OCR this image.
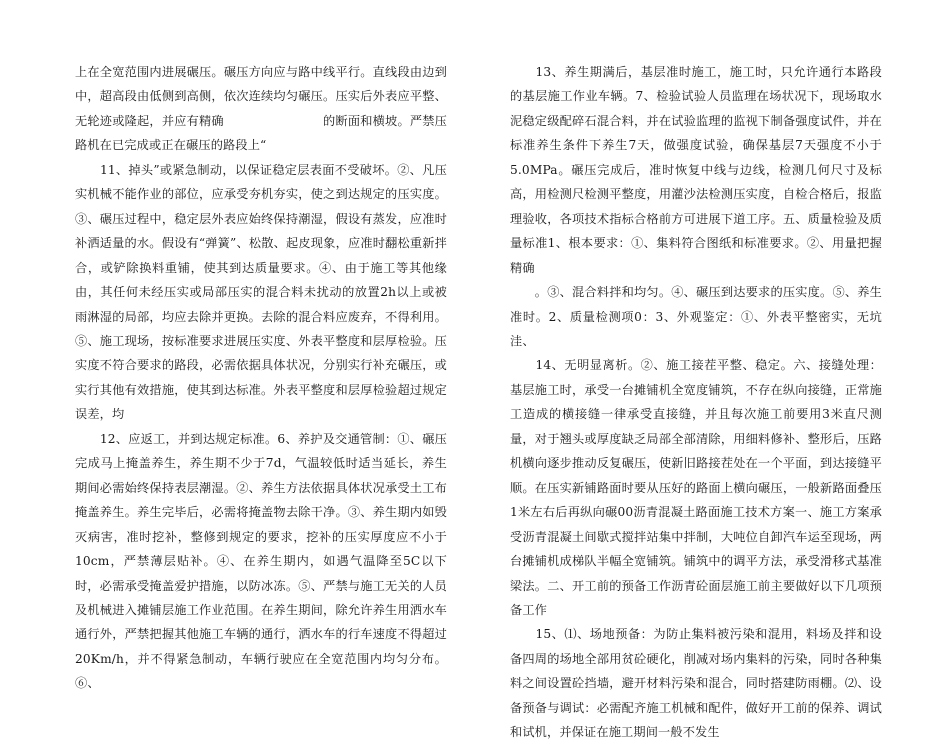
上在全宽范围内进展碾压。碾压方向应与路中线平行。直线段由边到中，超高段由低侧到高侧，依次连续均匀碾压。压实后外表应平整、无轮迹或隆起，并应有精确　　　　　　　　的断面和横坡。严禁压路机在已完成或正在碾压的路段上“

　　11、掉头”或紧急制动，以保证稳定层表面不受破坏。②、凡压实机械不能作业的部位，应承受夯机夯实，使之到达规定的压实度。③、碾压过程中，稳定层外表应始终保持潮湿，假设有蒸发，应准时补洒适量的水。假设有“弹簧”、松散、起皮现象，应准时翻松重新拌合，或铲除换料重铺，使其到达质量要求。④、由于施工等其他缘由，其任何未经压实或局部压实的混合料未扰动的放置2h以上或被雨淋湿的局部，均应去除并更换。去除的混合料应废弃，不得利用。⑤、施工现场，按标准要求进展压实度、外表平整度和层厚检验。压实度不符合要求的路段，必需依据具体状况，分别实行补充碾压，或实行其他有效措施，使其到达标准。外表平整度和层厚检验超过规定误差，均

　　12、应返工，并到达规定标准。6、养护及交通管制：①、碾压完成马上掩盖养生，养生期不少于7d，气温较低时适当延长，养生期间必需始终保持表层潮湿。②、养生方法依据具体状况承受土工布掩盖养生。养生完毕后，必需将掩盖物去除干净。③、养生期内如毁灭病害，准时挖补，整修到规定的要求，挖补的压实厚度应不小于10cm，严禁薄层贴补。④、在养生期内，如遇气温降至5C以下时，必需承受掩盖爱护措施，以防冰冻。⑤、严禁与施工无关的人员及机械进入摊铺层施工作业范围。在养生期间，除允许养生用洒水车通行外，严禁把握其他施工车辆的通行，洒水车的行车速度不得超过20Km/h，并不得紧急制动，车辆行驶应在全宽范围内均匀分布。⑥、

　　13、养生期满后，基层准时施工，施工时，只允许通行本路段的基层施工作业车辆。7、检验试验人员监理在场状况下，现场取水泥稳定级配碎石混合料，并在试验监理的监视下制备强度试件，并在标准养生条件下养生7天，做强度试验，确保基层7天强度不小于5.0MPa。碾压完成后，准时恢复中线与边线，检测几何尺寸及标高，用检测尺检测平整度，用灌沙法检测压实度，自检合格后，报监理验收，各项技术指标合格前方可进展下道工序。五、质量检验及质量标准1、根本要求：①、集料符合图纸和标准要求。②、用量把握精确

　　。③、混合料拌和均匀。④、碾压到达要求的压实度。⑤、养生准时。2、质量检测项0：3、外观鉴定：①、外表平整密实，无坑洼、

　　14、无明显离析。②、施工接茬平整、稳定。六、接缝处理：基层施工时，承受一台摊铺机全宽度铺筑，不存在纵向接缝，正常施工造成的横接缝一律承受直接缝，并且每次施工前要用3米直尺测量，对于翘头或厚度缺乏局部全部清除，用细料修补、整形后，压路机横向逐步推动反复碾压，使新旧路接茬处在一个平面，到达接缝平顺。在压实新铺路面时要从压好的路面上横向碾压，一般新路面叠压1米左右后再纵向碾00沥青混凝土路面施工技术方案一、施工方案承受沥青混凝土间歇式搅拌站集中拌制，大吨位自卸汽车运至现场，两台摊铺机成梯队半幅全宽铺筑。铺筑中的调平方法，承受滑移式基准梁法。二、开工前的预备工作沥青砼面层施工前主要做好以下几项预备工作

　　15、⑴、场地预备：为防止集料被污染和混用，料场及拌和设备四周的场地全部用贫砼硬化，削减对场内集料的污染，同时各种集料之间设置砼挡墙，避开材料污染和混合，同时搭建防雨棚。⑵、设备预备与调试：必需配齐施工机械和配件，做好开工前的保养、调试和试机，并保证在施工期间一般不发生
